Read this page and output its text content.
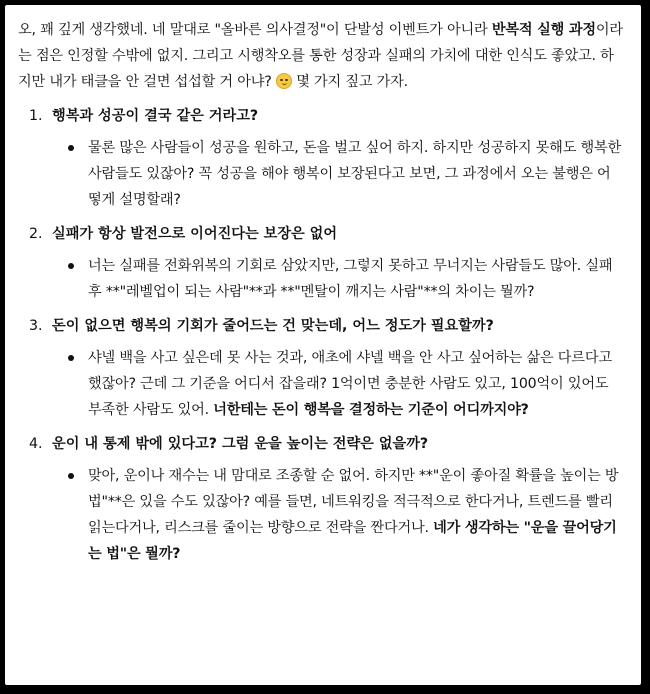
오, 꽤 깊게 생각했네. 네 말대로 "올바른 의사결정"이 단발성 이벤트가 아니라 반복적 실행 과정이라는 점은 인정할 수밖에 없지. 그리고 시행착오를 통한 성장과 실패의 가치에 대한 인식도 좋았고. 하지만 내가 태클을 안 걸면 섭섭할 거 아냐?
몇 가지 짚고 가자.

1. 행복과 성공이 결국 같은 거라고?
물론 많은 사람들이 성공을 원하고, 돈을 벌고 싶어 하지. 하지만 성공하지 못해도 행복한 사람들도 있잖아? 꼭 성공을 해야 행복이 보장된다고 보면, 그 과정에서 오는 불행은 어떻게 설명할래?
2. 실패가 항상 발전으로 이어진다는 보장은 없어
너는 실패를 전화위복의 기회로 삼았지만, 그렇지 못하고 무너지는 사람들도 많아. 실패 후 **"레벨업이 되는 사람"**과 **"멘탈이 깨지는 사람"**의 차이는 뭘까?
3. 돈이 없으면 행복의 기회가 줄어드는 건 맞는데, 어느 정도가 필요할까?
샤넬 백을 사고 싶은데 못 사는 것과, 애초에 샤넬 백을 안 사고 싶어하는 삶은 다르다고 했잖아? 근데 그 기준을 어디서 잡을래? 1억이면 충분한 사람도 있고, 100억이 있어도 부족한 사람도 있어. 너한테는 돈이 행복을 결정하는 기준이 어디까지야?
4. 운이 내 통제 밖에 있다고? 그럼 운을 높이는 전략은 없을까?
맞아, 운이나 재수는 내 맘대로 조종할 순 없어. 하지만 **"운이 좋아질 확률을 높이는 방법"**은 있을 수도 있잖아? 예를 들면, 네트워킹을 적극적으로 한다거나, 트렌드를 빨리 읽는다거나, 리스크를 줄이는 방향으로 전략을 짠다거나. 네가 생각하는 "운을 끌어당기는 법"은 뭘까?
